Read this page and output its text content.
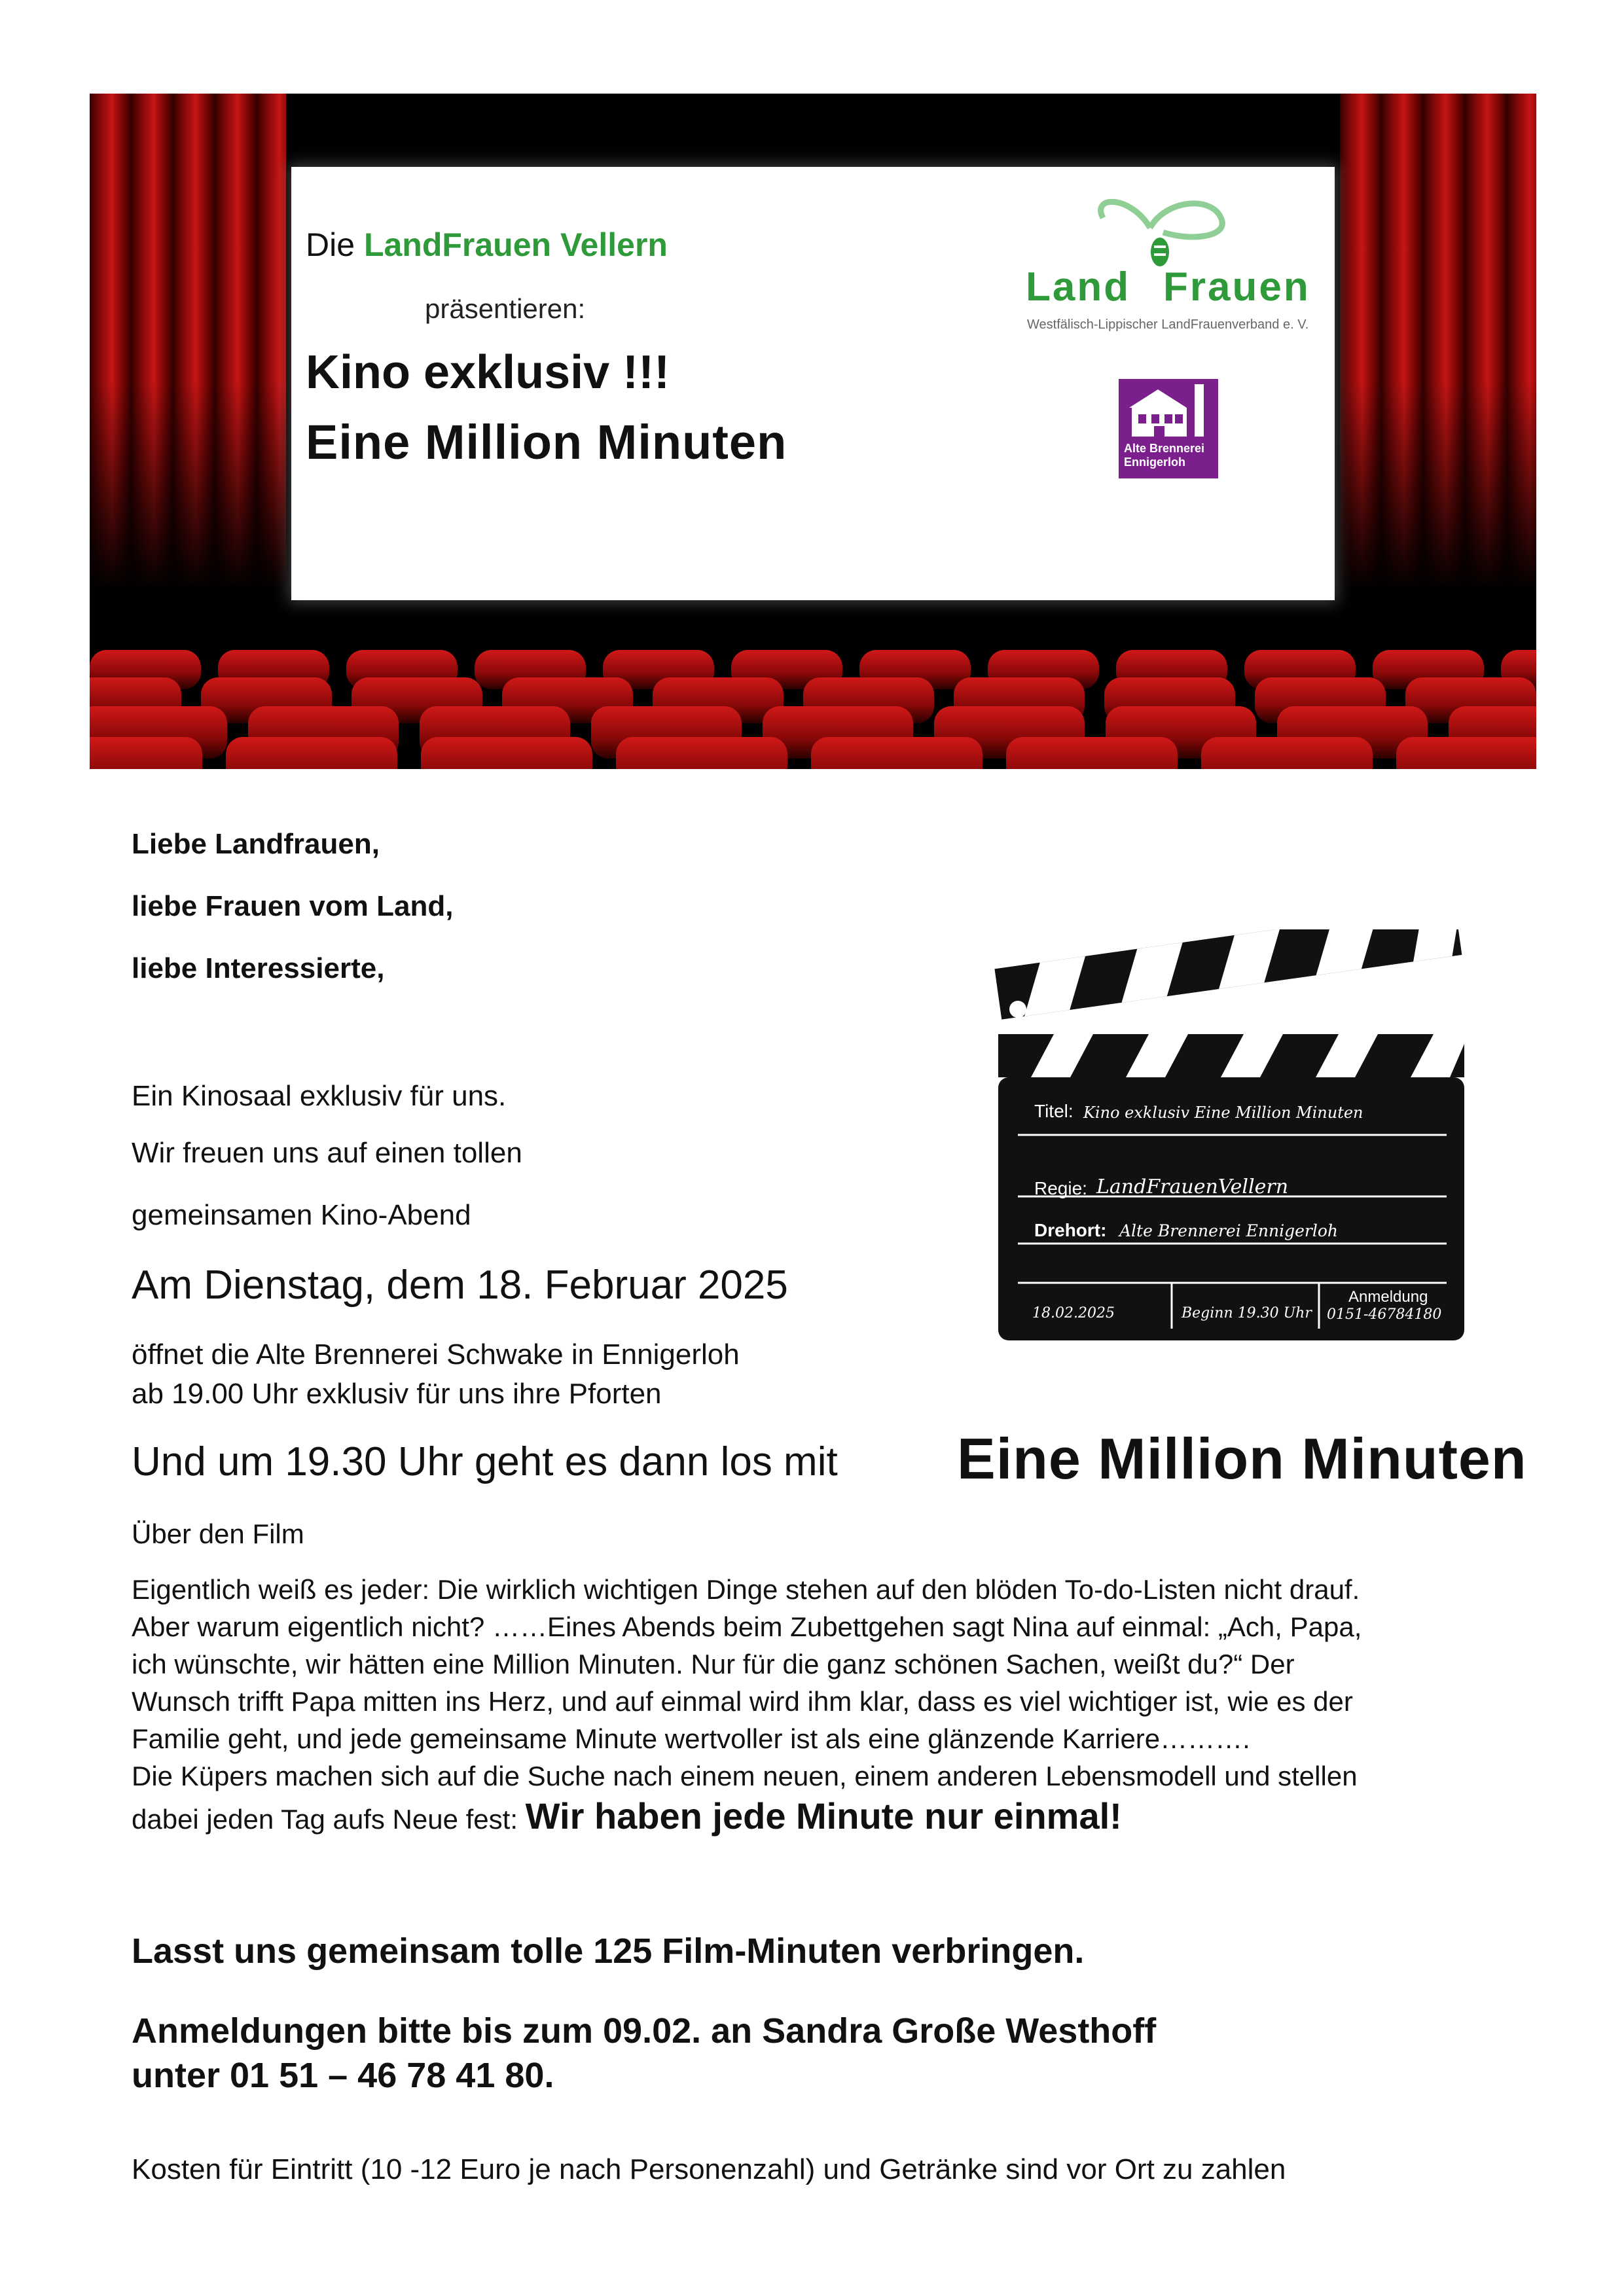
Die LandFrauen Vellern
präsentieren:
Kino exklusiv !!!
Eine Million Minuten
Land Frauen
Westfälisch-Lippischer LandFrauenverband e. V.
Alte Brennerei
Ennigerloh
Liebe Landfrauen,
liebe Frauen vom Land,
liebe Interessierte,
Ein Kinosaal exklusiv für uns.
Wir freuen uns auf einen tollen
gemeinsamen Kino-Abend
Am Dienstag, dem 18. Februar 2025
öffnet die Alte Brennerei Schwake in Ennigerloh
ab 19.00 Uhr exklusiv für uns ihre Pforten
Und um 19.30 Uhr geht es dann los mit Eine Million Minuten
Titel: Kino exklusiv Eine Million Minuten
Regie: LandFrauenVellern
Drehort: Alte Brennerei Ennigerloh
18.02.2025	Beginn 19.30 Uhr
Anmeldung
0151-46784180
Über den Film
Eigentlich weiß es jeder: Die wirklich wichtigen Dinge stehen auf den blöden To-do-Listen nicht drauf.
Aber warum eigentlich nicht? ……Eines Abends beim Zubettgehen sagt Nina auf einmal: „Ach, Papa,
ich wünschte, wir hätten eine Million Minuten. Nur für die ganz schönen Sachen, weißt du?“ Der
Wunsch trifft Papa mitten ins Herz, und auf einmal wird ihm klar, dass es viel wichtiger ist, wie es der
Familie geht, und jede gemeinsame Minute wertvoller ist als eine glänzende Karriere……….
Die Küpers machen sich auf die Suche nach einem neuen, einem anderen Lebensmodell und stellen
dabei jeden Tag aufs Neue fest: Wir haben jede Minute nur einmal!
Lasst uns gemeinsam tolle 125 Film-Minuten verbringen.
Anmeldungen bitte bis zum 09.02. an Sandra Große Westhoff
unter 01 51 – 46 78 41 80.
Kosten für Eintritt (10 -12 Euro je nach Personenzahl) und Getränke sind vor Ort zu zahlen
